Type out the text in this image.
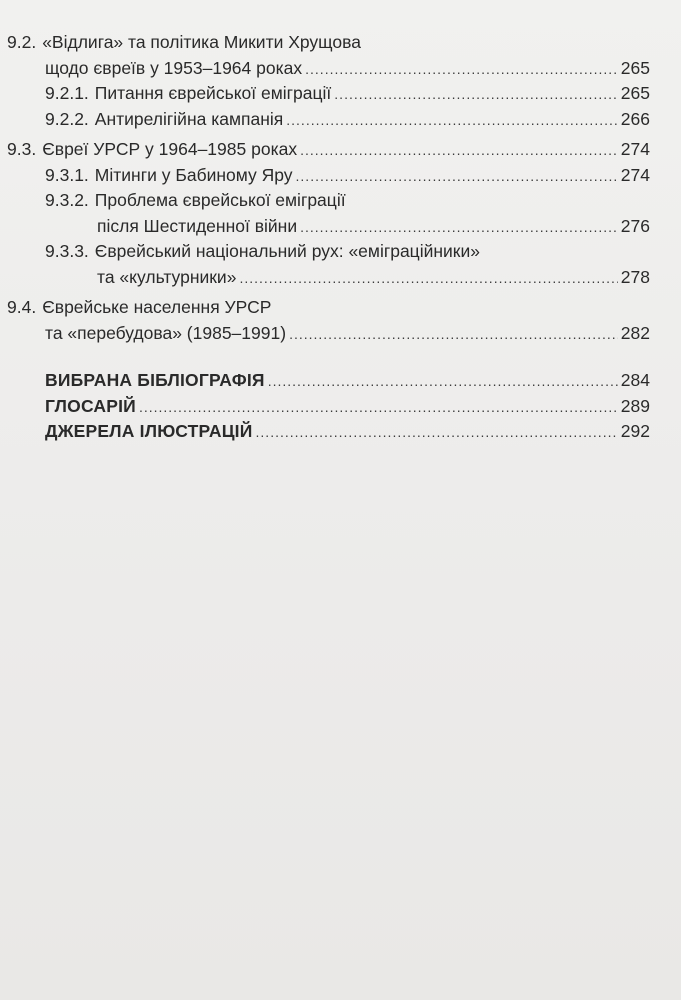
9.2. «Відлига» та політика Микити Хрущова
щодо євреїв у 1953–1964 роках .....	265
9.2.1. Питання єврейської еміграції .....	265
9.2.2. Антирелігійна кампанія .....	266
9.3. Євреї УРСР у 1964–1985 роках .....	274
9.3.1. Мітинги у Бабиному Яру .....	274
9.3.2. Проблема єврейської еміграції
після Шестиденної війни .....	276
9.3.3. Єврейський національний рух: «еміграційники»
та «культурники» .....	278
9.4. Єврейське населення УРСР
та «перебудова» (1985–1991) .....	282
ВИБРАНА БІБЛІОГРАФІЯ .....	284
ГЛОСАРІЙ .....	289
ДЖЕРЕЛА ІЛЮСТРАЦІЙ .....	292
